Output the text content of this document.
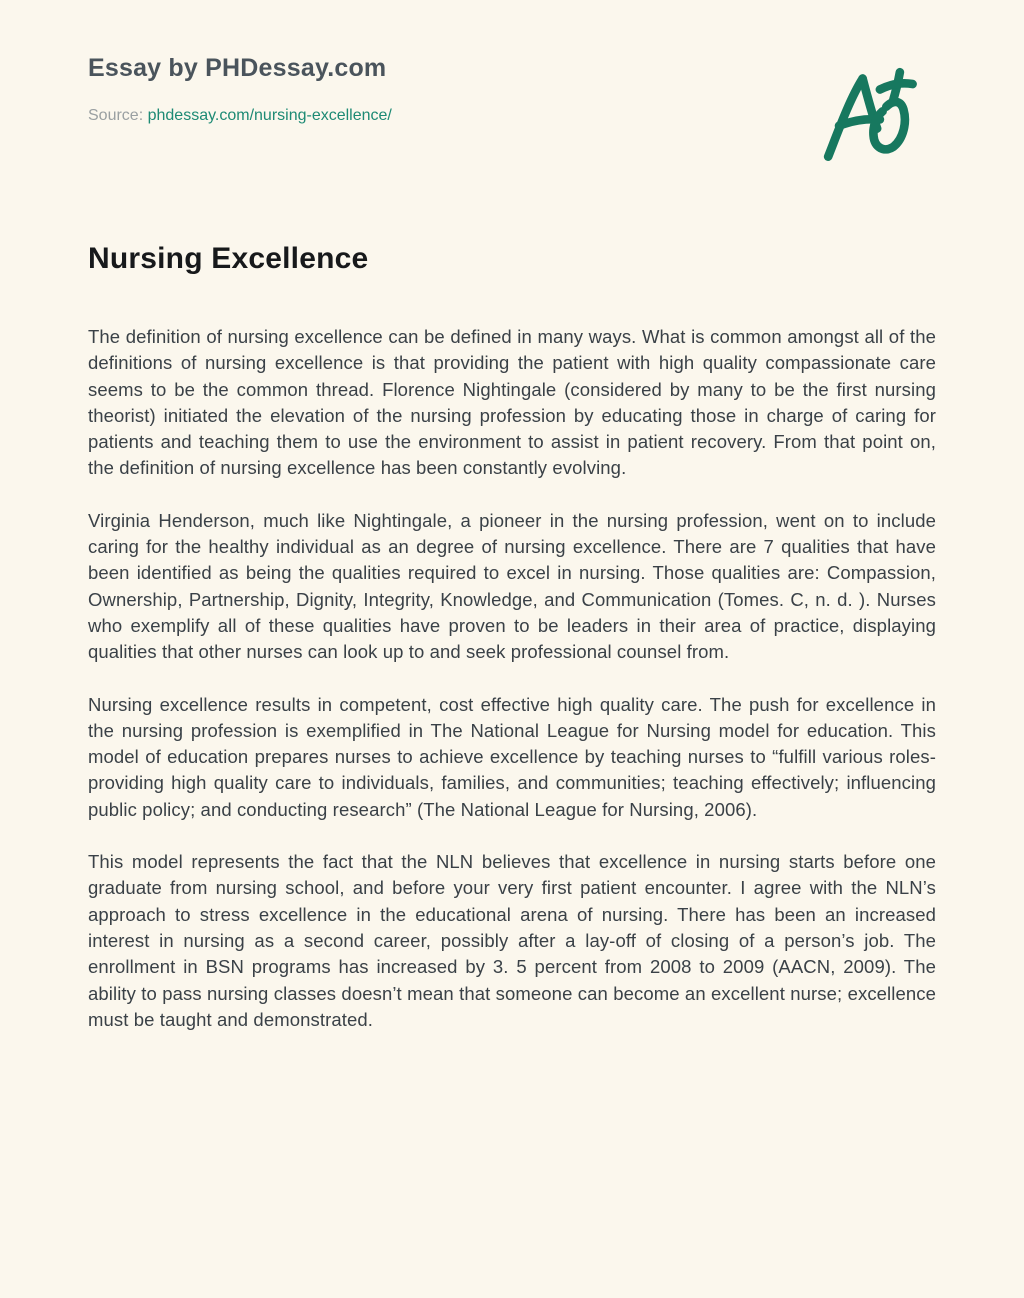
Essay by PHDessay.com
Source: phdessay.com/nursing-excellence/
Nursing Excellence

The definition of nursing excellence can be defined in many ways. What is common amongst all of the definitions of nursing excellence is that providing the patient with high quality compassionate care seems to be the common thread. Florence Nightingale (considered by many to be the first nursing theorist) initiated the elevation of the nursing profession by educating those in charge of caring for patients and teaching them to use the environment to assist in patient recovery. From that point on, the definition of nursing excellence has been constantly evolving.

Virginia Henderson, much like Nightingale, a pioneer in the nursing profession, went on to include caring for the healthy individual as an degree of nursing excellence. There are 7 qualities that have been identified as being the qualities required to excel in nursing. Those qualities are: Compassion, Ownership, Partnership, Dignity, Integrity, Knowledge, and Communication (Tomes. C, n. d. ). Nurses who exemplify all of these qualities have proven to be leaders in their area of practice, displaying qualities that other nurses can look up to and seek professional counsel from.

Nursing excellence results in competent, cost effective high quality care. The push for excellence in the nursing profession is exemplified in The National League for Nursing model for education. This model of education prepares nurses to achieve excellence by teaching nurses to “fulfill various roles- providing high quality care to individuals, families, and communities; teaching effectively; influencing public policy; and conducting research” (The National League for Nursing, 2006).

This model represents the fact that the NLN believes that excellence in nursing starts before one graduate from nursing school, and before your very first patient encounter. I agree with the NLN’s approach to stress excellence in the educational arena of nursing. There has been an increased interest in nursing as a second career, possibly after a lay-off of closing of a person’s job. The enrollment in BSN programs has increased by 3. 5 percent from 2008 to 2009 (AACN, 2009). The ability to pass nursing classes doesn’t mean that someone can become an excellent nurse; excellence must be taught and demonstrated.
